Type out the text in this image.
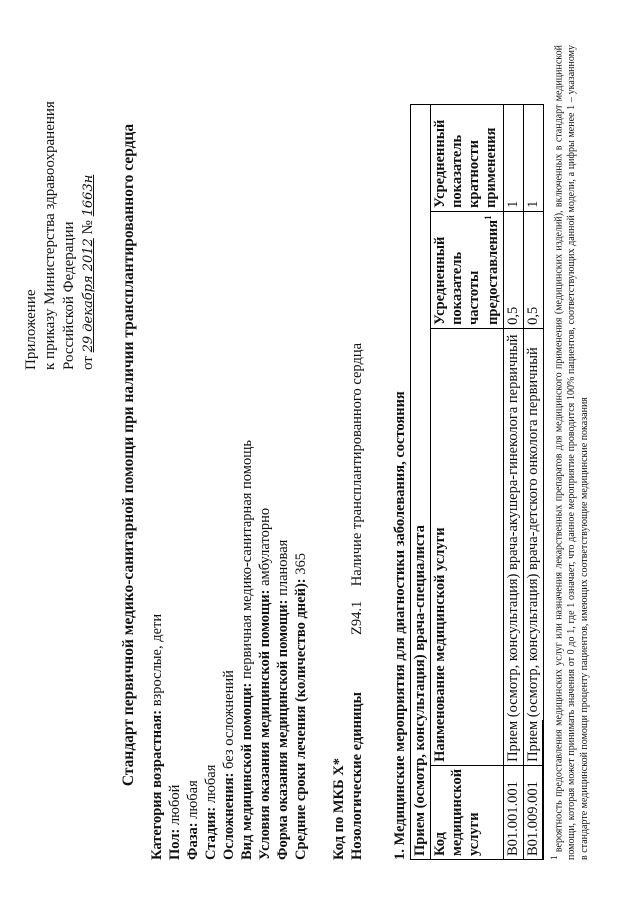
Приложение к приказу Министерства здравоохранения Российской Федерации от 29 декабря 2012 № 1663н Стандарт первичной медико-санитарной помощи при наличии трансплантированного сердца Категория возрастная: взрослые, дети
Пол: любой
Фаза: любая
Стадия: любая Осложнения: без осложнений Вид медицинской помощи: первичная медико-санитарная помощь
Условия оказания медицинской помощи: амбулаторно
Форма оказания медицинской помощи: плановая
Средние сроки лечения (количество дней): 365
Код по МКБ X* Нозологические единицы
Z94.1    Наличие трансплантированного сердца 1. Медицинские мероприятия для диагностики заболевания, состояния Прием (осмотр, консультация) врача-специалиста			
Код медицинской услуги	Наименование медицинской услуги	Усредненный показатель частоты предоставления$^1$	Усредненный показатель кратности применения
B01.001.001	Прием (осмотр, консультация) врача-акушера-гинеколога первичный	0,5	1
B01.009.001	Прием (осмотр, консультация) врача-детского онколога первичный	0,5	1
$^1$ вероятность предоставления медицинских услуг или назначения лекарственных препаратов для медицинского применения (медицинских изделий), включенных в стандарт медицинской помощи, которая может принимать значения от 0 до 1, где 1 означает, что данное мероприятие проводится 100% пациентов, соответствующих данной модели, а цифры менее 1 – указанному в стандарте медицинской помощи проценту пациентов, имеющих соответствующие медицинские показания
